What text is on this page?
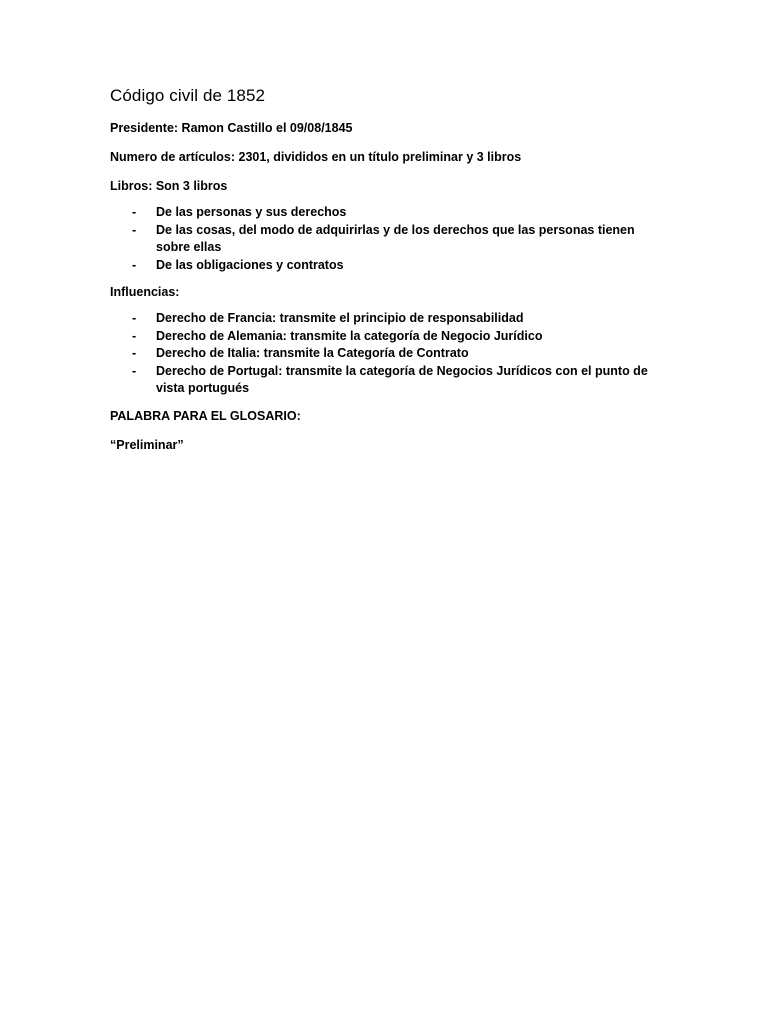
Código civil de 1852

Presidente: Ramon Castillo el 09/08/1845

Numero de artículos: 2301, divididos en un título preliminar y 3 libros

Libros: Son 3 libros

- De las personas y sus derechos
- De las cosas, del modo de adquirirlas y de los derechos que las personas tienen sobre ellas
- De las obligaciones y contratos

Influencias:

- Derecho de Francia: transmite el principio de responsabilidad
- Derecho de Alemania: transmite la categoría de Negocio Jurídico
- Derecho de Italia: transmite la Categoría de Contrato
- Derecho de Portugal: transmite la categoría de Negocios Jurídicos con el punto de vista portugués

PALABRA PARA EL GLOSARIO:

“Preliminar”
